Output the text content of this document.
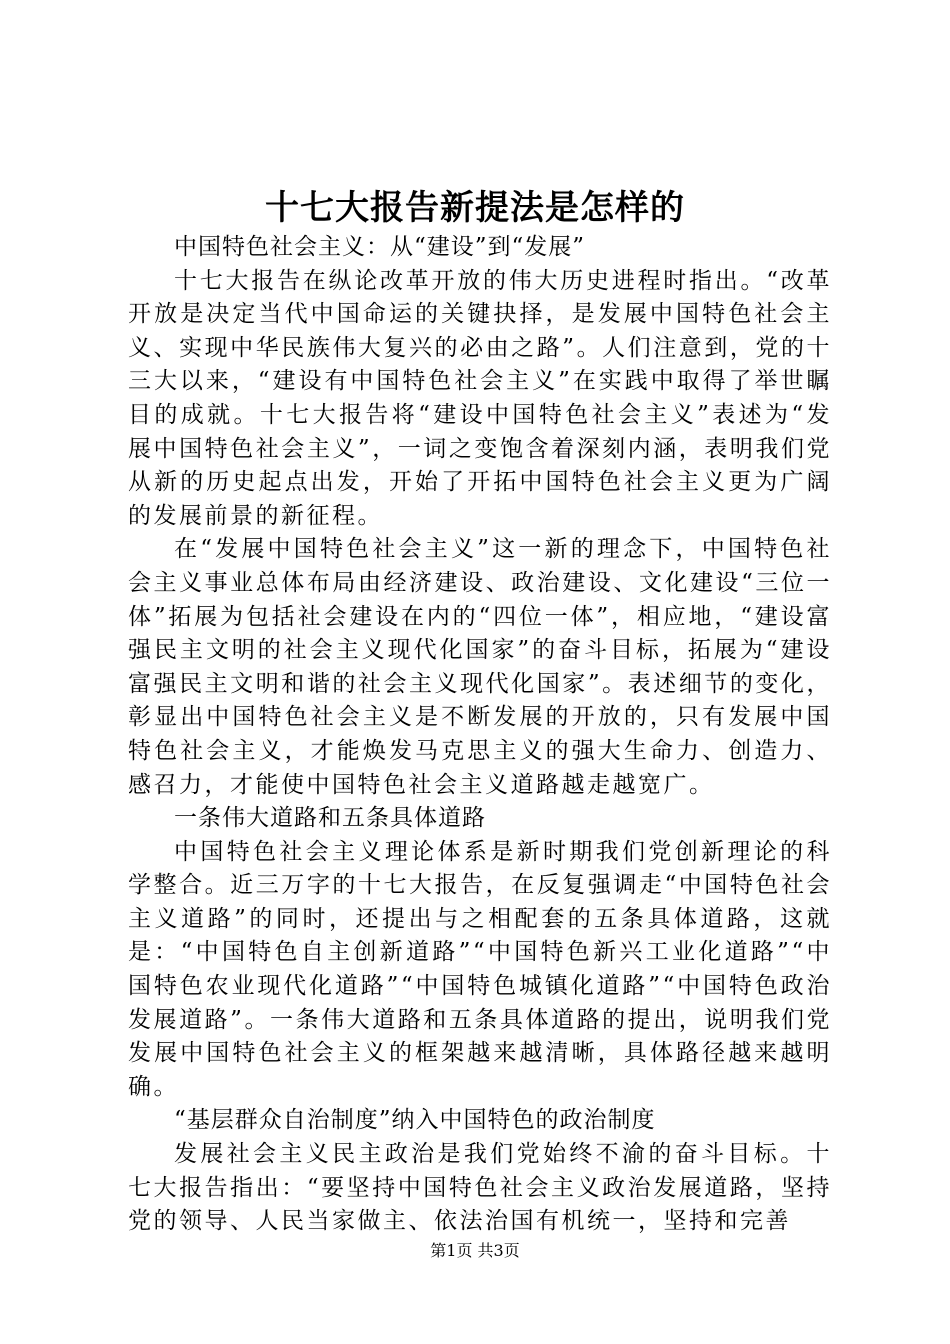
十七大报告新提法是怎样的

中国特色社会主义：从“建设”到“发展”

十七大报告在纵论改革开放的伟大历史进程时指出。“改革开放是决定当代中国命运的关键抉择，是发展中国特色社会主义、实现中华民族伟大复兴的必由之路”。人们注意到，党的十三大以来，“建设有中国特色社会主义”在实践中取得了举世瞩目的成就。十七大报告将“建设中国特色社会主义”表述为“发展中国特色社会主义”，一词之变饱含着深刻内涵，表明我们党从新的历史起点出发，开始了开拓中国特色社会主义更为广阔的发展前景的新征程。

在“发展中国特色社会主义”这一新的理念下，中国特色社会主义事业总体布局由经济建设、政治建设、文化建设“三位一体”拓展为包括社会建设在内的“四位一体”，相应地，“建设富强民主文明的社会主义现代化国家”的奋斗目标，拓展为“建设富强民主文明和谐的社会主义现代化国家”。表述细节的变化，彰显出中国特色社会主义是不断发展的开放的，只有发展中国特色社会主义，才能焕发马克思主义的强大生命力、创造力、感召力，才能使中国特色社会主义道路越走越宽广。

一条伟大道路和五条具体道路

中国特色社会主义理论体系是新时期我们党创新理论的科学整合。近三万字的十七大报告，在反复强调走“中国特色社会主义道路”的同时，还提出与之相配套的五条具体道路，这就是：“中国特色自主创新道路”“中国特色新兴工业化道路”“中国特色农业现代化道路”“中国特色城镇化道路”“中国特色政治发展道路”。一条伟大道路和五条具体道路的提出，说明我们党发展中国特色社会主义的框架越来越清晰，具体路径越来越明确。

“基层群众自治制度”纳入中国特色的政治制度

发展社会主义民主政治是我们党始终不渝的奋斗目标。十七大报告指出：“要坚持中国特色社会主义政治发展道路，坚持党的领导、人民当家做主、依法治国有机统一，坚持和完善

第1页 共3页
